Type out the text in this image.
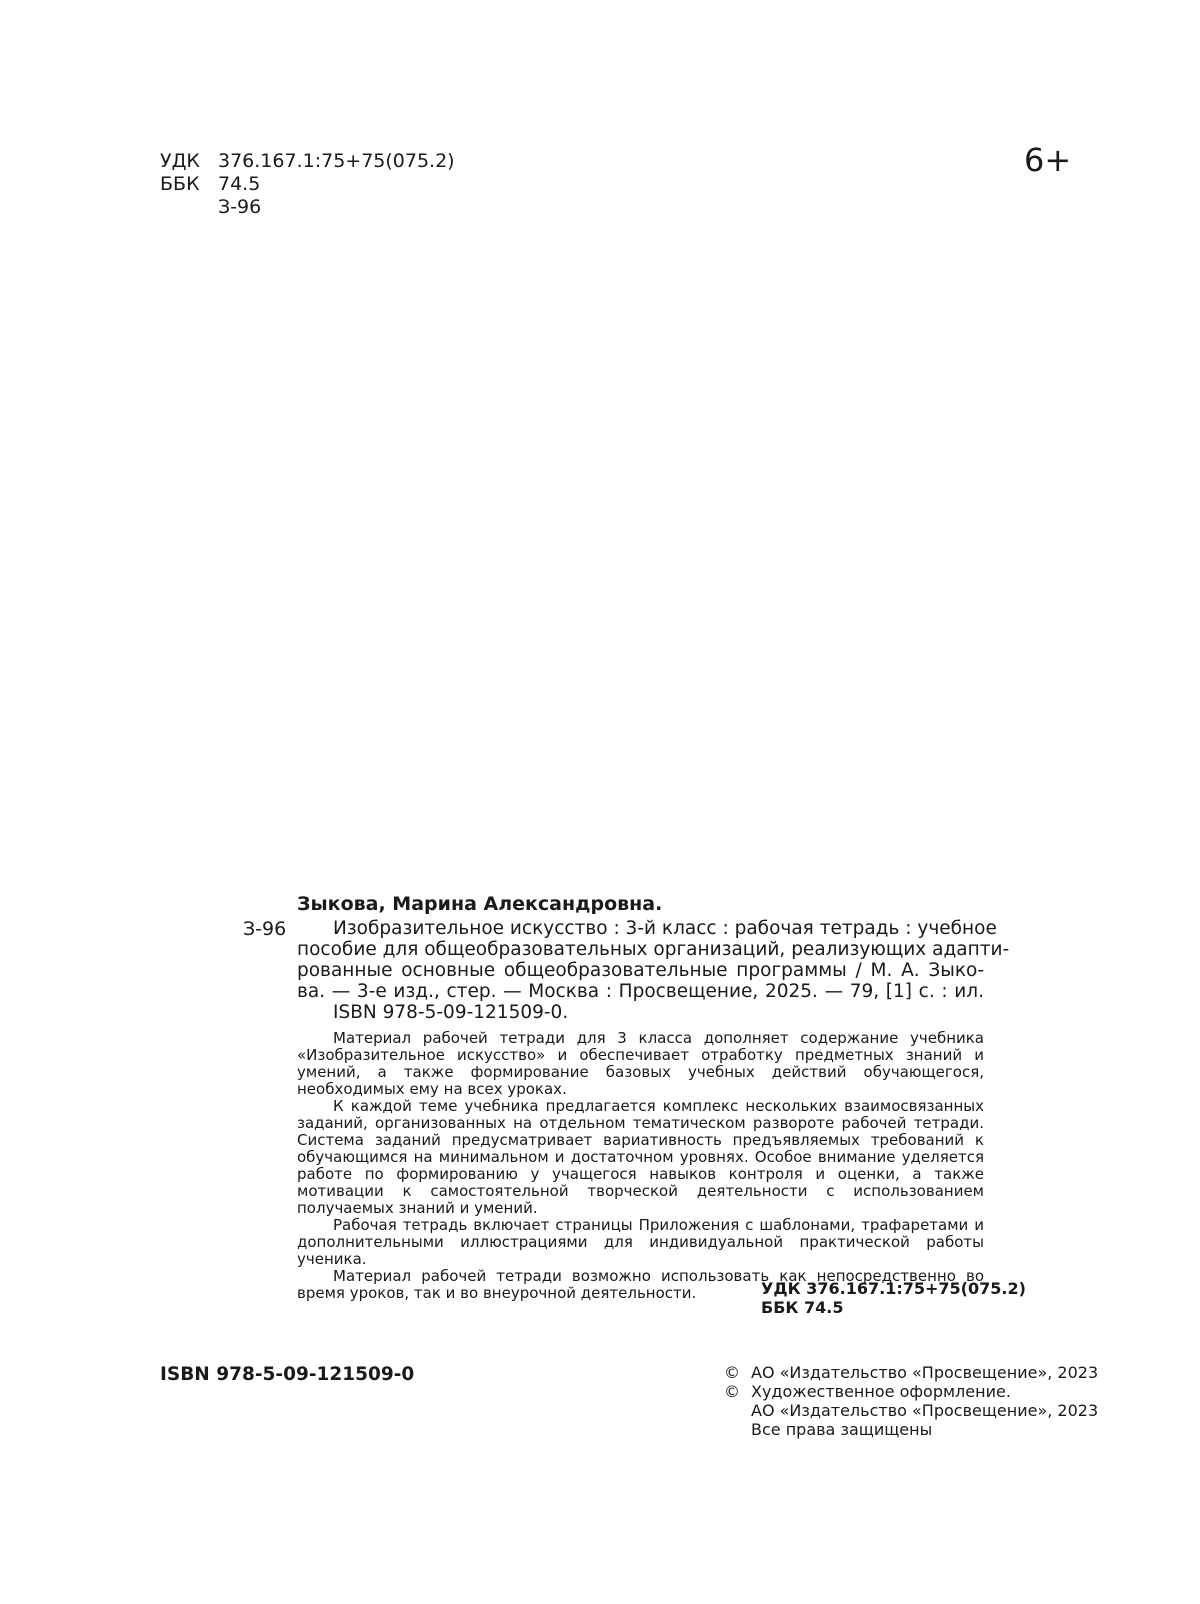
УДК 376.167.1:75+75(075.2)
ББК 74.5
З-96
6+
Зыкова, Марина Александровна.
З-96	Изобразительное искусство : 3-й класс : рабочая тетрадь : учебное
пособие для общеобразовательных организаций, реализующих адапти-
рованные основные общеобразовательные программы / М. А. Зыко-
ва. — 3-е изд., стер. — Москва : Просвещение, 2025. — 79, [1] с. : ил.
ISBN 978-5-09-121509-0.

Материал рабочей тетради для 3 класса дополняет содержание учебника «Изобразительное искусство» и обеспечивает отработку предметных знаний и умений, а также формирование базовых учебных действий обучающегося, необходимых ему на всех уроках.

К каждой теме учебника предлагается комплекс нескольких взаимосвязанных заданий, организованных на отдельном тематическом развороте рабочей тетради. Система заданий предусматривает вариативность предъявляемых требований к обучающимся на минимальном и достаточном уровнях. Особое внимание уделяется работе по формированию у учащегося навыков контроля и оценки, а также мотивации к самостоятельной творческой деятельности с использованием получаемых знаний и умений.

Рабочая тетрадь включает страницы Приложения с шаблонами, трафаретами и дополнительными иллюстрациями для индивидуальной практической работы ученика.

Материал рабочей тетради возможно использовать как непосредственно во время уроков, так и во внеурочной деятельности.	УДК 376.167.1:75+75(075.2)
ББК 74.5
ISBN 978-5-09-121509-0	© АО «Издательство «Просвещение», 2023
© Художественное оформление.
АО «Издательство «Просвещение», 2023
Все права защищены
